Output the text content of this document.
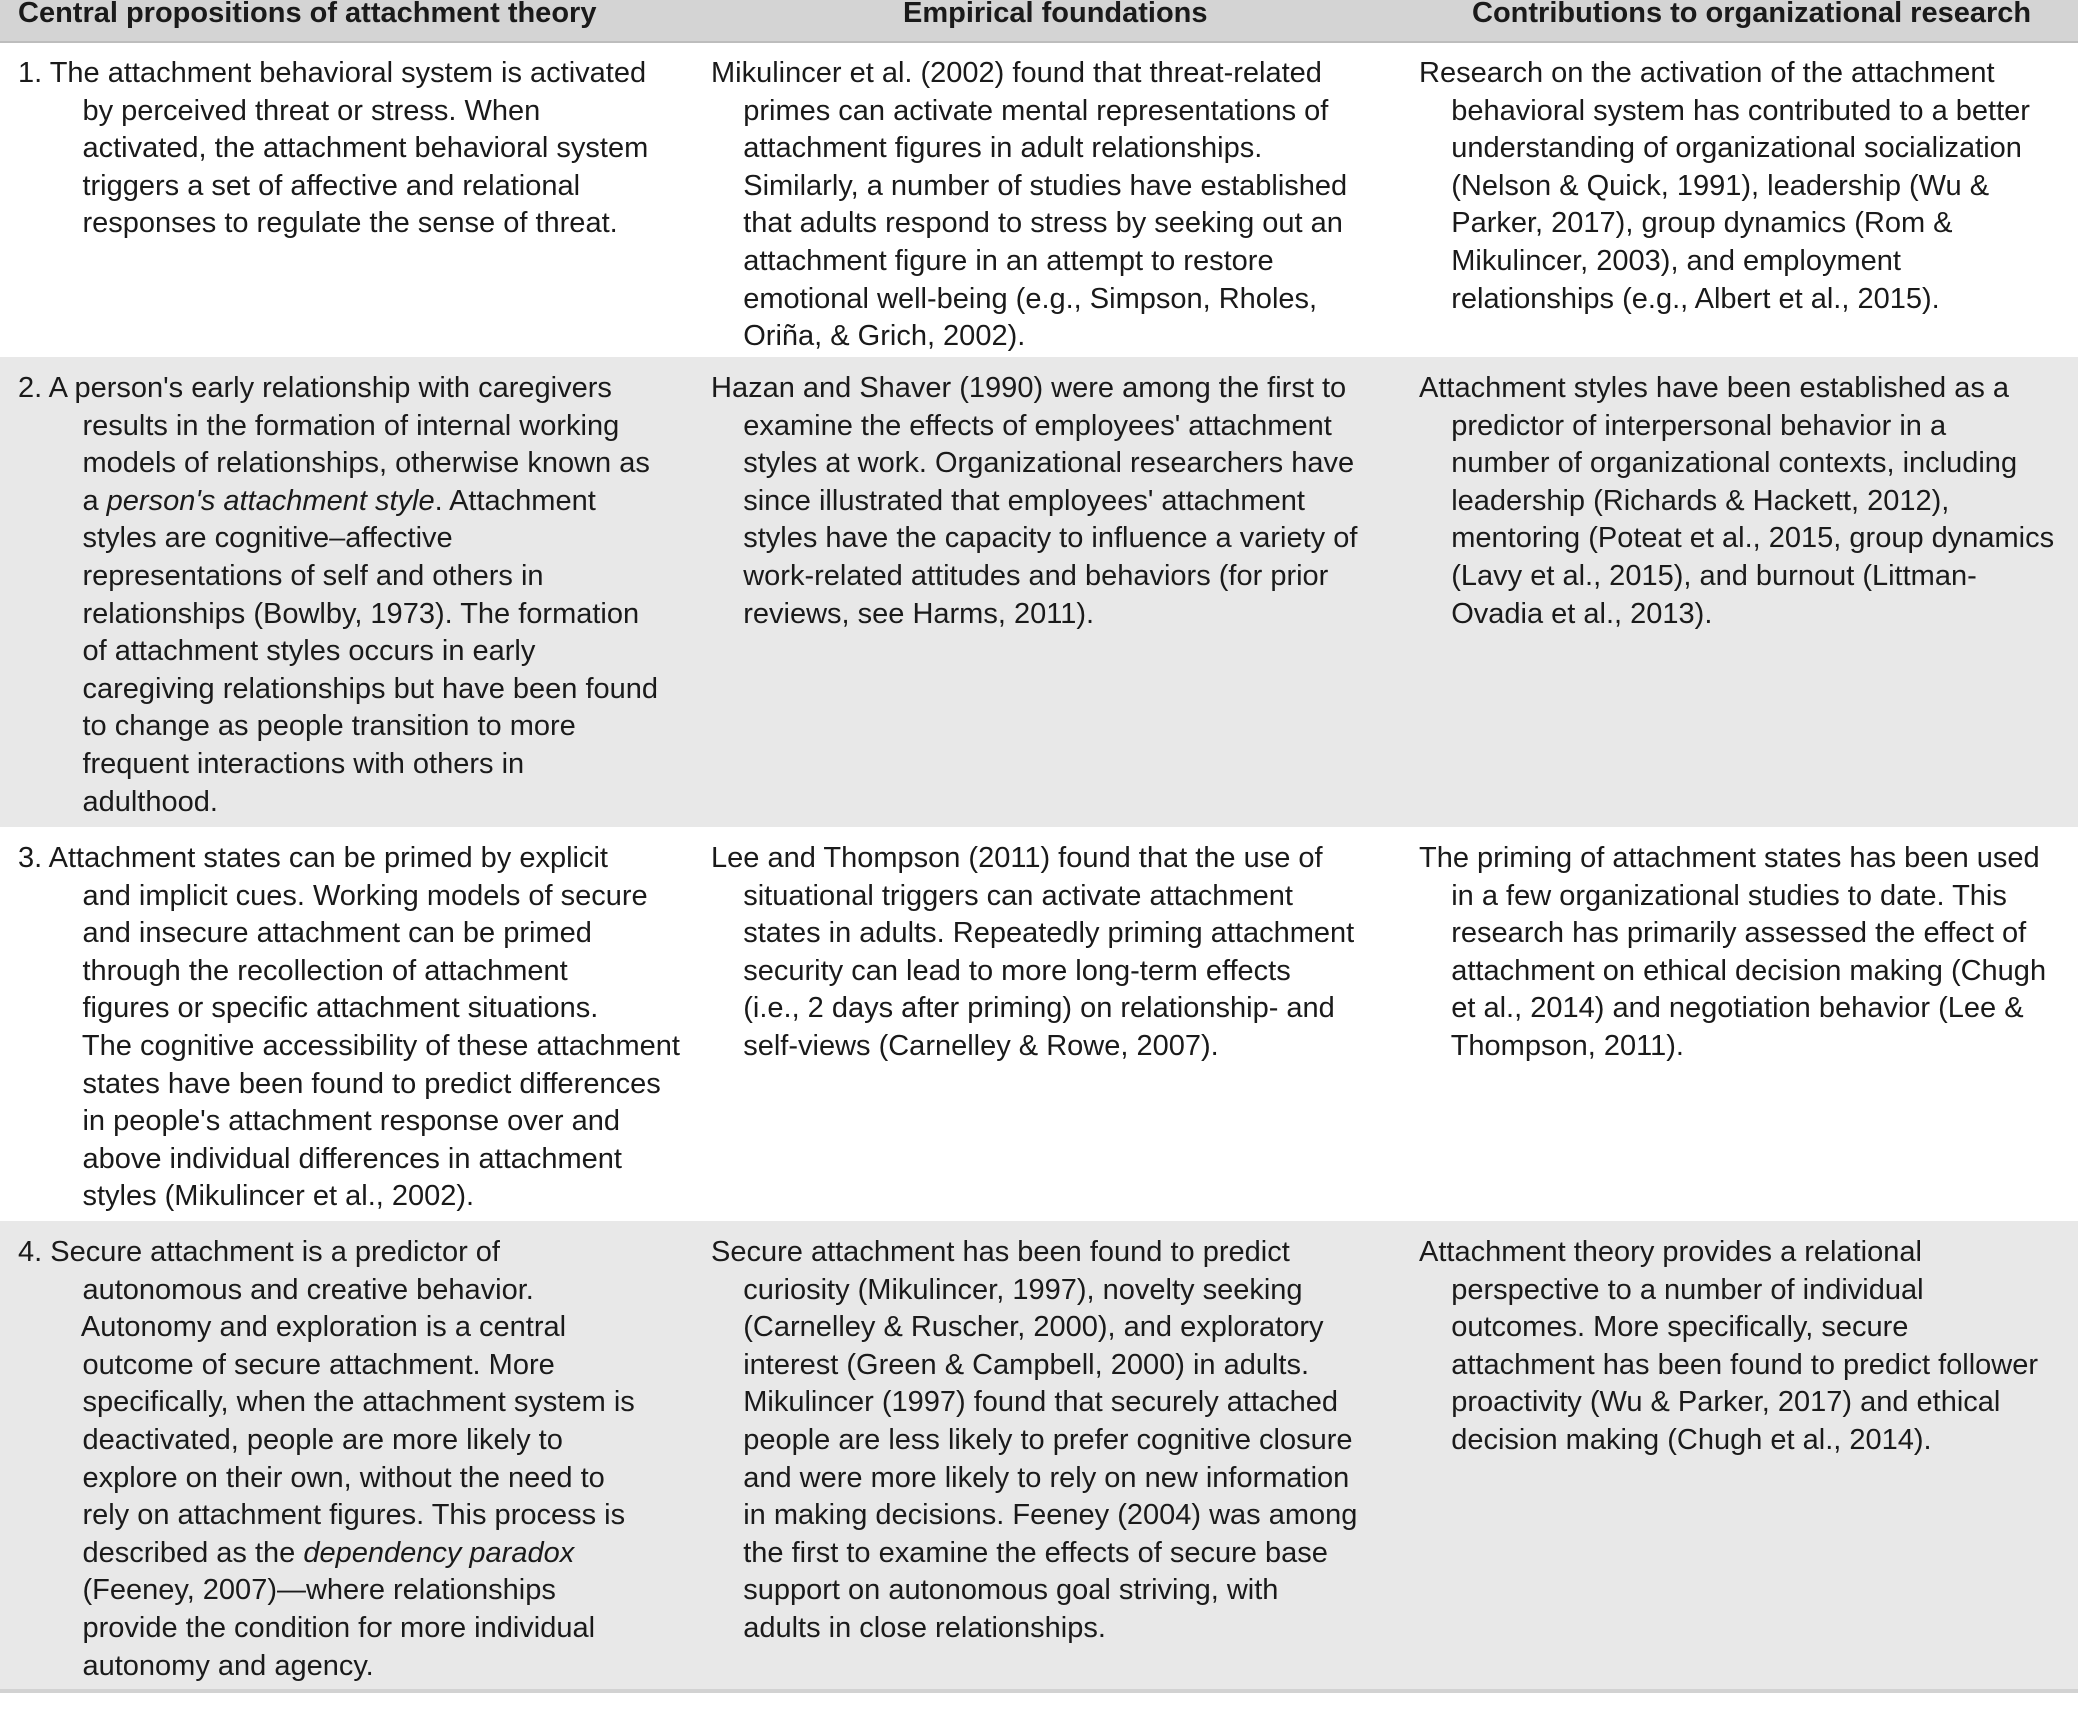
Central propositions of attachment theory	Empirical foundations	Contributions to organizational research
1. The attachment behavioral system is activated
by perceived threat or stress. When
activated, the attachment behavioral system
triggers a set of affective and relational
responses to regulate the sense of threat.
Mikulincer et al. (2002) found that threat-related
primes can activate mental representations of
attachment figures in adult relationships.
Similarly, a number of studies have established
that adults respond to stress by seeking out an
attachment figure in an attempt to restore
emotional well-being (e.g., Simpson, Rholes,
Oriña, & Grich, 2002).
Research on the activation of the attachment
behavioral system has contributed to a better
understanding of organizational socialization
(Nelson & Quick, 1991), leadership (Wu &
Parker, 2017), group dynamics (Rom &
Mikulincer, 2003), and employment
relationships (e.g., Albert et al., 2015).
2. A person's early relationship with caregivers
results in the formation of internal working
models of relationships, otherwise known as
a person's attachment style. Attachment
styles are cognitive–affective
representations of self and others in
relationships (Bowlby, 1973). The formation
of attachment styles occurs in early
caregiving relationships but have been found
to change as people transition to more
frequent interactions with others in
adulthood.
Hazan and Shaver (1990) were among the first to
examine the effects of employees' attachment
styles at work. Organizational researchers have
since illustrated that employees' attachment
styles have the capacity to influence a variety of
work-related attitudes and behaviors (for prior
reviews, see Harms, 2011).
Attachment styles have been established as a
predictor of interpersonal behavior in a
number of organizational contexts, including
leadership (Richards & Hackett, 2012),
mentoring (Poteat et al., 2015, group dynamics
(Lavy et al., 2015), and burnout (Littman-
Ovadia et al., 2013).
3. Attachment states can be primed by explicit
and implicit cues. Working models of secure
and insecure attachment can be primed
through the recollection of attachment
figures or specific attachment situations.
The cognitive accessibility of these attachment
states have been found to predict differences
in people's attachment response over and
above individual differences in attachment
styles (Mikulincer et al., 2002).
Lee and Thompson (2011) found that the use of
situational triggers can activate attachment
states in adults. Repeatedly priming attachment
security can lead to more long-term effects
(i.e., 2 days after priming) on relationship- and
self-views (Carnelley & Rowe, 2007).
The priming of attachment states has been used
in a few organizational studies to date. This
research has primarily assessed the effect of
attachment on ethical decision making (Chugh
et al., 2014) and negotiation behavior (Lee &
Thompson, 2011).
4. Secure attachment is a predictor of
autonomous and creative behavior.
Autonomy and exploration is a central
outcome of secure attachment. More
specifically, when the attachment system is
deactivated, people are more likely to
explore on their own, without the need to
rely on attachment figures. This process is
described as the dependency paradox
(Feeney, 2007)—where relationships
provide the condition for more individual
autonomy and agency.
Secure attachment has been found to predict
curiosity (Mikulincer, 1997), novelty seeking
(Carnelley & Ruscher, 2000), and exploratory
interest (Green & Campbell, 2000) in adults.
Mikulincer (1997) found that securely attached
people are less likely to prefer cognitive closure
and were more likely to rely on new information
in making decisions. Feeney (2004) was among
the first to examine the effects of secure base
support on autonomous goal striving, with
adults in close relationships.
Attachment theory provides a relational
perspective to a number of individual
outcomes. More specifically, secure
attachment has been found to predict follower
proactivity (Wu & Parker, 2017) and ethical
decision making (Chugh et al., 2014).
